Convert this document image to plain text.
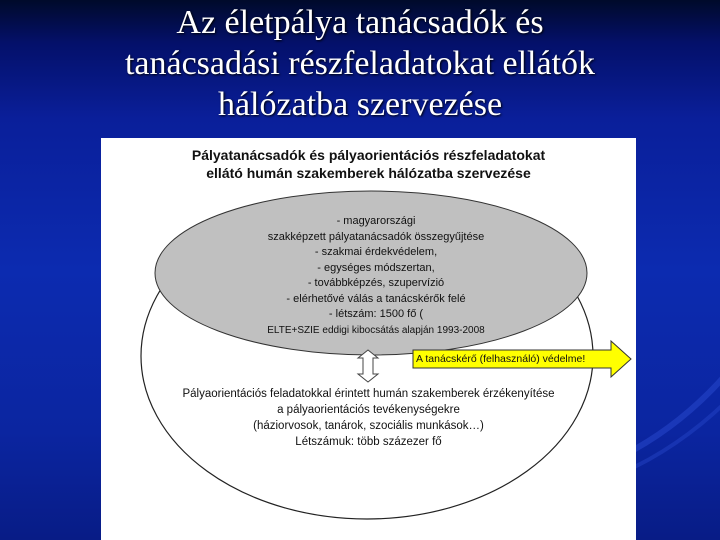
Az életpálya tanácsadók és
tanácsadási részfeladatokat ellátók
hálózatba szervezése
Pályatanácsadók és pályaorientációs részfeladatokat
ellátó humán szakemberek hálózatba szervezése
- magyarországi
szakképzett pályatanácsadók összegyűjtése
- szakmai érdekvédelem,
- egységes módszertan,
- továbbképzés, szupervízió
- elérhetővé válás a tanácskérők felé
- létszám: 1500 fő (
ELTE+SZIE eddigi kibocsátás alapján 1993-2008
A tanácskérő (felhasználó) védelme!
Pályaorientációs feladatokkal érintett humán szakemberek érzékenyítése
a pályaorientációs tevékenységekre
(háziorvosok, tanárok, szociális munkások…)
Létszámuk: több százezer fő
